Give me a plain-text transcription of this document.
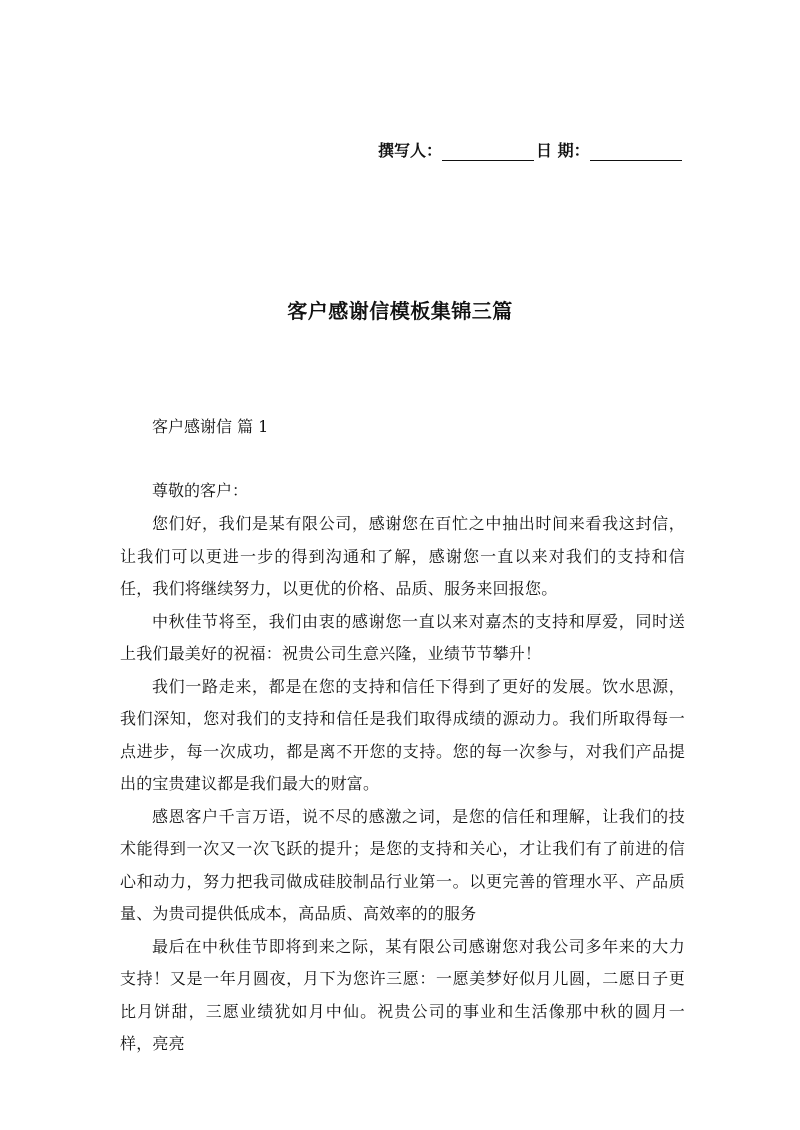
撰写人：	日 期：
客户感谢信模板集锦三篇
客户感谢信 篇 1
尊敬的客户：

您们好，我们是某有限公司，感谢您在百忙之中抽出时间来看我这封信，让我们可以更进一步的得到沟通和了解，感谢您一直以来对我们的支持和信任，我们将继续努力，以更优的价格、品质、服务来回报您。

中秋佳节将至，我们由衷的感谢您一直以来对嘉杰的支持和厚爱，同时送上我们最美好的祝福：祝贵公司生意兴隆，业绩节节攀升！

我们一路走来，都是在您的支持和信任下得到了更好的发展。饮水思源，我们深知，您对我们的支持和信任是我们取得成绩的源动力。我们所取得每一点进步，每一次成功，都是离不开您的支持。您的每一次参与，对我们产品提出的宝贵建议都是我们最大的财富。

感恩客户千言万语，说不尽的感激之词，是您的信任和理解，让我们的技术能得到一次又一次飞跃的提升；是您的支持和关心，才让我们有了前进的信心和动力，努力把我司做成硅胶制品行业第一。以更完善的管理水平、产品质量、为贵司提供低成本，高品质、高效率的的服务

最后在中秋佳节即将到来之际，某有限公司感谢您对我公司多年来的大力支持！又是一年月圆夜，月下为您许三愿：一愿美梦好似月儿圆，二愿日子更比月饼甜，三愿业绩犹如月中仙。祝贵公司的事业和生活像那中秋的圆月一样，亮亮
